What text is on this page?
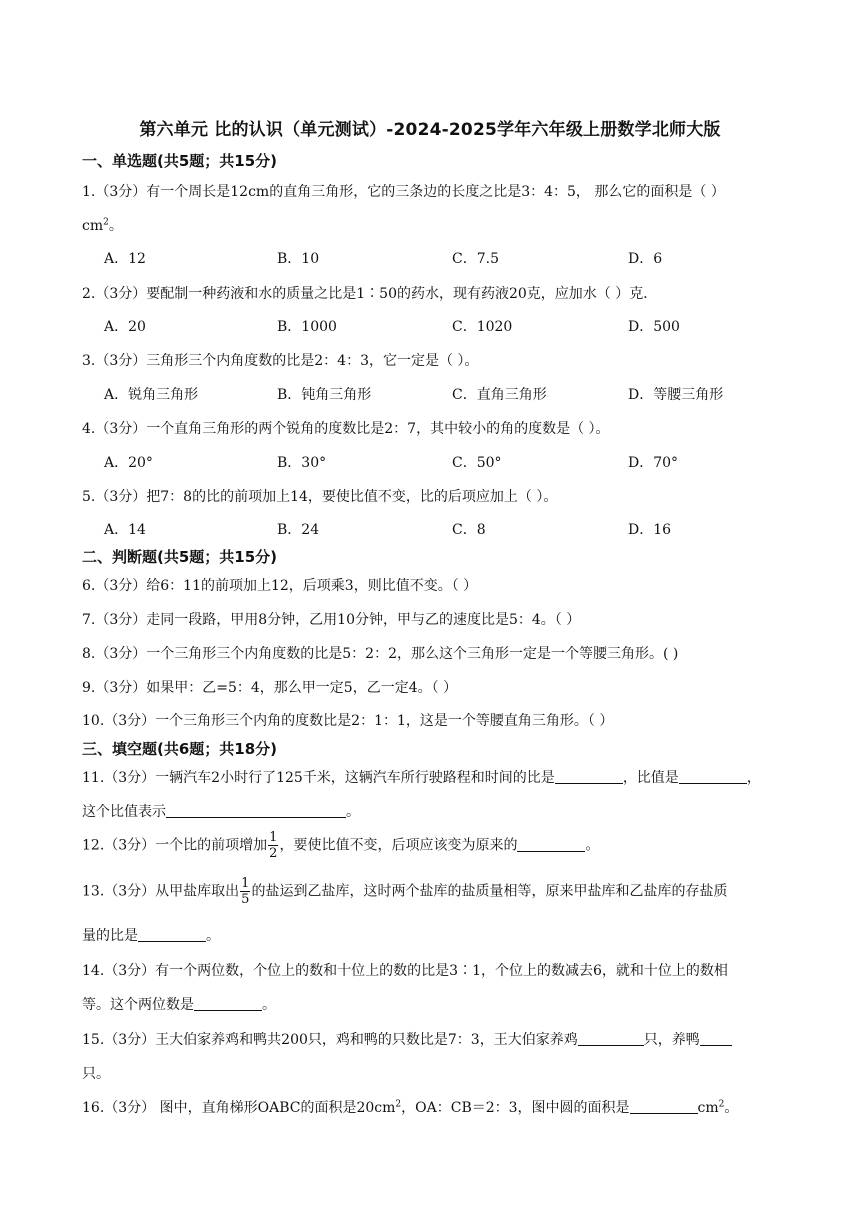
第六单元 比的认识（单元测试）-2024-2025学年六年级上册数学北师大版
一、单选题(共5题；共15分)
1.（3分）有一个周长是12cm的直角三角形，它的三条边的长度之比是3：4：5， 那么它的面积是（ ）
$cm^2$。
A．12	B．10	C．7.5	D．6
2.（3分）要配制一种药液和水的质量之比是1∶50的药水，现有药液20克，应加水（ ）克．
A．20	B．1000	C．1020	D．500
3.（3分）三角形三个内角度数的比是2：4：3，它一定是（ ）。
A．锐角三角形	B．钝角三角形	C．直角三角形	D．等腰三角形
4.（3分）一个直角三角形的两个锐角的度数比是2：7，其中较小的角的度数是（ ）。
A．20°	B．30°	C．50°	D．70°
5.（3分）把7：8的比的前项加上14，要使比值不变，比的后项应加上（ ）。
A．14	B．24	C．8	D．16
二、判断题(共5题；共15分)
6.（3分）给6：11的前项加上12，后项乘3，则比值不变。（ ）
7.（3分）走同一段路，甲用8分钟，乙用10分钟，甲与乙的速度比是5：4。（ ）
8.（3分）一个三角形三个内角度数的比是5：2：2，那么这个三角形一定是一个等腰三角形。( )
9.（3分）如果甲：乙=5：4，那么甲一定5，乙一定4。（ ）
10.（3分）一个三角形三个内角的度数比是2：1：1，这是一个等腰直角三角形。（ ）
三、填空题(共6题；共18分)
11.（3分）一辆汽车2小时行了125千米，这辆汽车所行驶路程和时间的比是	，比值是	，
这个比值表示	。
12.（3分）一个比的前项增加 $\frac{1}{2}$ ，要使比值不变，后项应该变为原来的	。
13.（3分）从甲盐库取出 $\frac{1}{5}$ 的盐运到乙盐库，这时两个盐库的盐质量相等，原来甲盐库和乙盐库的存盐质
量的比是	。
14.（3分）有一个两位数，个位上的数和十位上的数的比是3∶1，个位上的数减去6，就和十位上的数相
等。这个两位数是	。
15.（3分）王大伯家养鸡和鸭共200只，鸡和鸭的只数比是7：3，王大伯家养鸡	只，养鸭
只。
16.（3分） 图中，直角梯形OABC的面积是$20cm^2$，OA：CB＝2：3，图中圆的面积是	$cm^2$。
